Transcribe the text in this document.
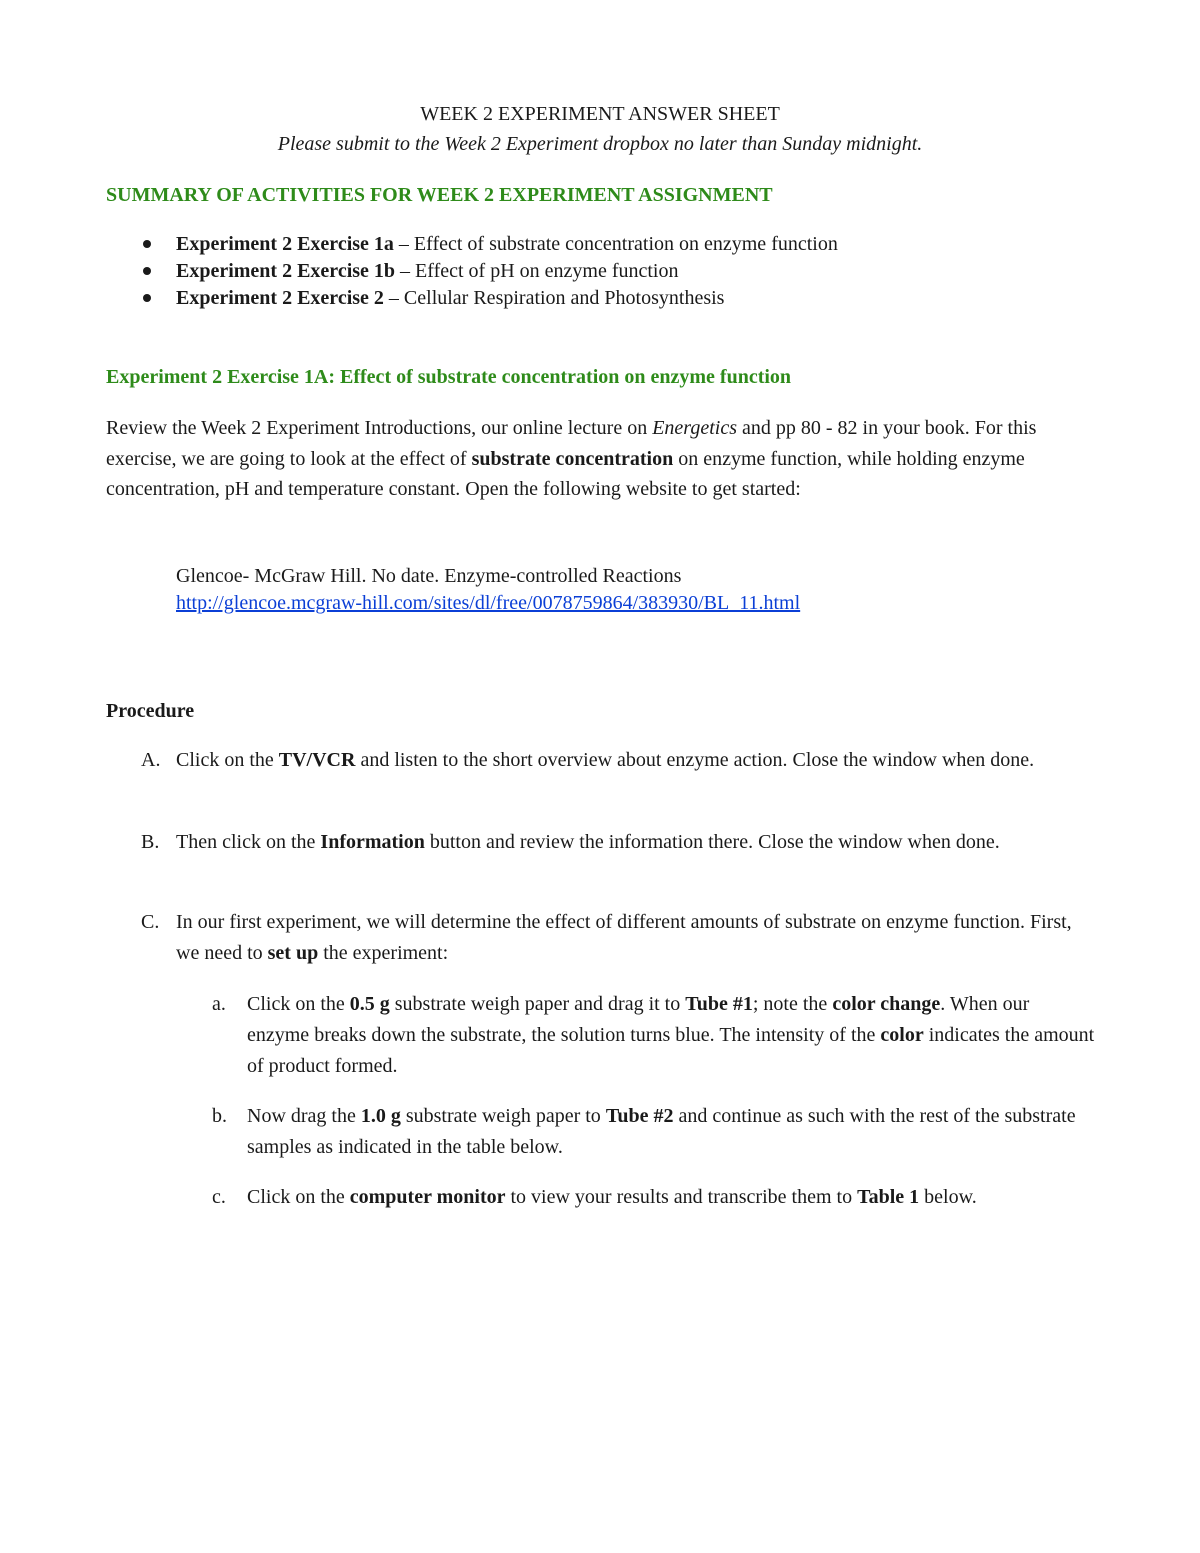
WEEK 2 EXPERIMENT ANSWER SHEET
Please submit to the Week 2 Experiment dropbox no later than Sunday midnight.
SUMMARY OF ACTIVITIES FOR WEEK 2 EXPERIMENT ASSIGNMENT
Experiment 2 Exercise 1a – Effect of substrate concentration on enzyme function
Experiment 2 Exercise 1b – Effect of pH on enzyme function
Experiment 2 Exercise 2 – Cellular Respiration and Photosynthesis
Experiment 2 Exercise 1A: Effect of substrate concentration on enzyme function

Review the Week 2 Experiment Introductions, our online lecture on Energetics and pp 80 - 82 in your book. For this exercise, we are going to look at the effect of substrate concentration on enzyme function, while holding enzyme concentration, pH and temperature constant. Open the following website to get started:

Glencoe- McGraw Hill. No date. Enzyme-controlled Reactions
http://glencoe.mcgraw-hill.com/sites/dl/free/0078759864/383930/BL_11.html
Procedure
A. Click on the TV/VCR and listen to the short overview about enzyme action. Close the window when done.
B. Then click on the Information button and review the information there. Close the window when done.
C. In our first experiment, we will determine the effect of different amounts of substrate on enzyme function. First, we need to set up the experiment:
a.	Click on the 0.5 g substrate weigh paper and drag it to Tube #1; note the color change. When our enzyme breaks down the substrate, the solution turns blue. The intensity of the color indicates the amount of product formed.
b.	Now drag the 1.0 g substrate weigh paper to Tube #2 and continue as such with the rest of the substrate samples as indicated in the table below.
c.	Click on the computer monitor to view your results and transcribe them to Table 1 below.
